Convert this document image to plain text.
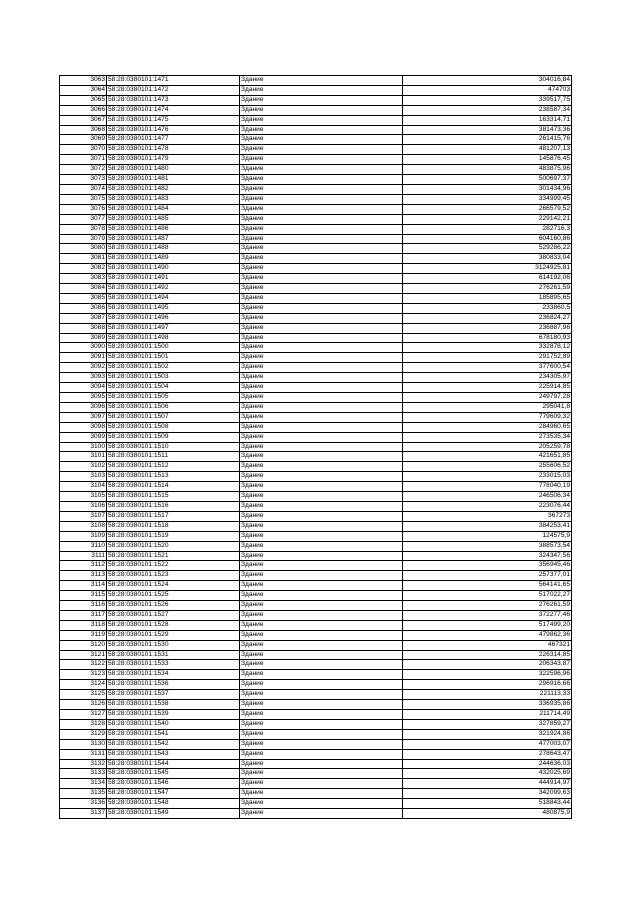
3063	58:28:0380101:1471	Здание	304016,84
3064	58:28:0380101:1472	Здание	474703
3065	58:28:0380101:1473	Здание	339517,75
3066	58:28:0380101:1474	Здание	238587,34
3067	58:28:0380101:1475	Здание	163314,71
3068	58:28:0380101:1476	Здание	381473,36
3069	58:28:0380101:1477	Здание	261415,76
3070	58:28:0380101:1478	Здание	481207,13
3071	58:28:0380101:1479	Здание	145876,45
3072	58:28:0380101:1480	Здание	483875,96
3073	58:28:0380101:1481	Здание	500697,37
3074	58:28:0380101:1482	Здание	301434,96
3075	58:28:0380101:1483	Здание	334999,45
3076	58:28:0380101:1484	Здание	266579,52
3077	58:28:0380101:1485	Здание	229142,21
3078	58:28:0380101:1486	Здание	282716,3
3079	58:28:0380101:1487	Здание	604160,86
3080	58:28:0380101:1488	Здание	529286,22
3081	58:28:0380101:1489	Здание	380833,04
3082	58:28:0380101:1490	Здание	3124925,81
3083	58:28:0380101:1491	Здание	614192,06
3084	58:28:0380101:1492	Здание	276261,59
3085	58:28:0380101:1494	Здание	185895,65
3086	58:28:0380101:1495	Здание	233860,5
3087	58:28:0380101:1496	Здание	236824,27
3088	58:28:0380101:1497	Здание	236887,96
3089	58:28:0380101:1498	Здание	678180,93
3090	58:28:0380101:1500	Здание	332878,12
3091	58:28:0380101:1501	Здание	291752,89
3092	58:28:0380101:1502	Здание	377600,54
3093	58:28:0380101:1503	Здание	234305,97
3094	58:28:0380101:1504	Здание	225914,85
3095	58:28:0380101:1505	Здание	249797,28
3096	58:28:0380101:1506	Здание	295041,8
3097	58:28:0380101:1507	Здание	779609,32
3098	58:28:0380101:1508	Здание	284960,65
3099	58:28:0380101:1509	Здание	273535,34
3100	58:28:0380101:1510	Здание	205259,78
3101	58:28:0380101:1511	Здание	421651,85
3102	58:28:0380101:1512	Здание	255606,52
3103	58:28:0380101:1513	Здание	233015,03
3104	58:28:0380101:1514	Здание	778040,19
3105	58:28:0380101:1515	Здание	246506,34
3106	58:28:0380101:1516	Здание	223076,44
3107	58:28:0380101:1517	Здание	367273
3108	58:28:0380101:1518	Здание	384253,41
3109	58:28:0380101:1519	Здание	124575,9
3110	58:28:0380101:1520	Здание	388573,54
3111	58:28:0380101:1521	Здание	324347,56
3112	58:28:0380101:1522	Здание	356945,46
3113	58:28:0380101:1523	Здание	257377,01
3114	58:28:0380101:1524	Здание	564141,65
3115	58:28:0380101:1525	Здание	517022,27
3116	58:28:0380101:1526	Здание	276261,59
3117	58:28:0380101:1527	Здание	372277,46
3118	58:28:0380101:1528	Здание	517499,20
3119	58:28:0380101:1529	Здание	479862,36
3120	58:28:0380101:1530	Здание	467321
3121	58:28:0380101:1531	Здание	226314,85
3122	58:28:0380101:1533	Здание	206343,87
3123	58:28:0380101:1534	Здание	322596,96
3124	58:28:0380101:1536	Здание	296916,66
3125	58:28:0380101:1537	Здание	221113,33
3126	58:28:0380101:1538	Здание	336935,86
3127	58:28:0380101:1539	Здание	211714,49
3128	58:28:0380101:1540	Здание	327859,27
3129	58:28:0380101:1541	Здание	321924,86
3130	58:28:0380101:1542	Здание	477003,07
3131	58:28:0380101:1543	Здание	278643,47
3132	58:28:0380101:1544	Здание	244636,03
3133	58:28:0380101:1545	Здание	432025,69
3134	58:28:0380101:1546	Здание	444914,97
3135	58:28:0380101:1547	Здание	342099,63
3136	58:28:0380101:1548	Здание	518843,44
3137	58:28:0380101:1549	Здание	480875,9
